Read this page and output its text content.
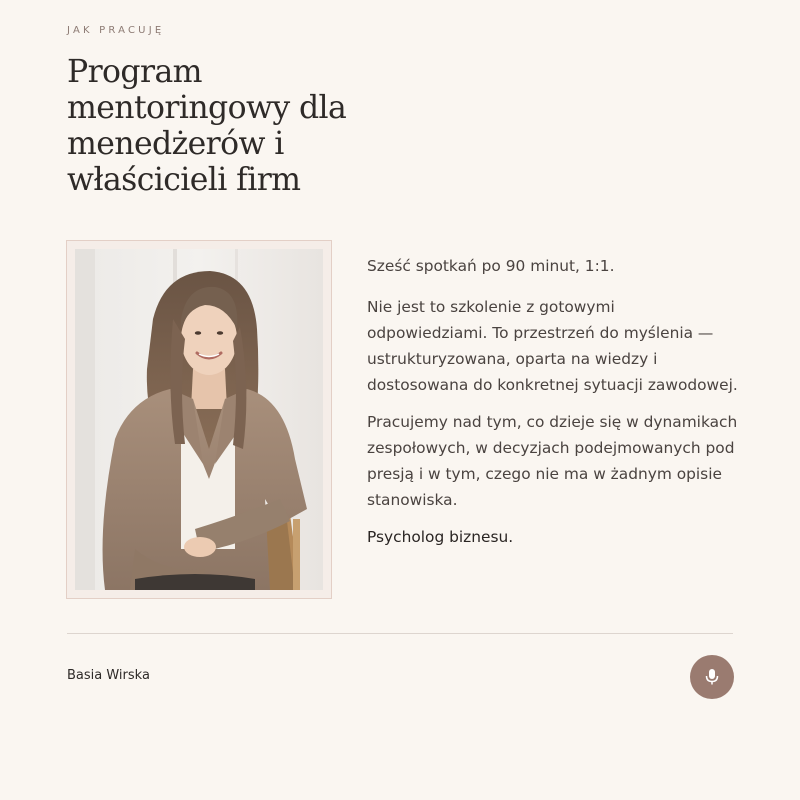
JAK PRACUJĘ
Program mentoringowy dla menedżerów i właścicieli firm

Sześć spotkań po 90 minut, 1:1.

Nie jest to szkolenie z gotowymi odpowiedziami. To przestrzeń do myślenia — ustrukturyzowana, oparta na wiedzy i dostosowana do konkretnej sytuacji zawodowej.

Pracujemy nad tym, co dzieje się w dynamikach zespołowych, w decyzjach podejmowanych pod presją i w tym, czego nie ma w żadnym opisie stanowiska.

Psycholog biznesu.

Basia Wirska
